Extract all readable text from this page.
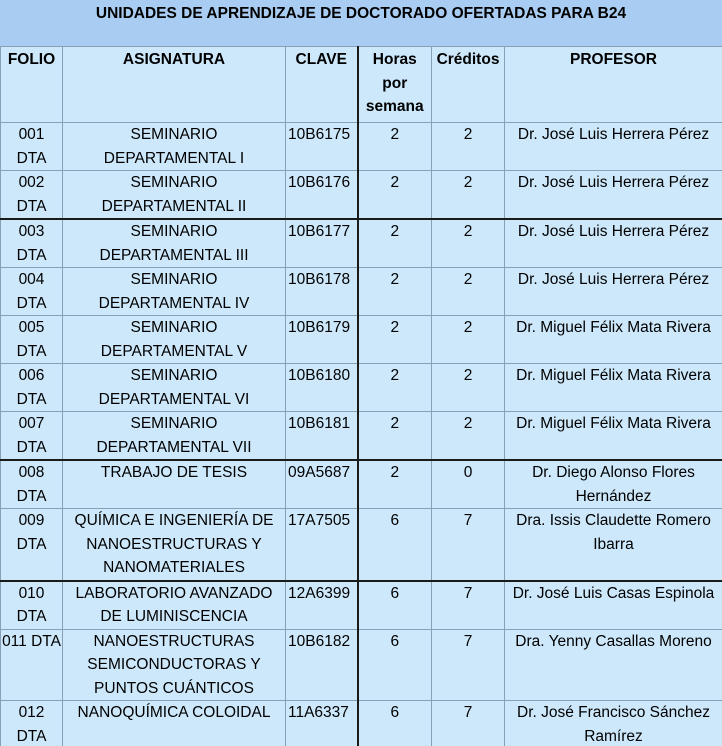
UNIDADES DE APRENDIZAJE DE DOCTORADO OFERTADAS PARA B24
FOLIO	ASIGNATURA	CLAVE	Horas por semana	Créditos	PROFESOR
001 DTA	SEMINARIO DEPARTAMENTAL I	10B6175	2	2	Dr. José Luis Herrera Pérez
002 DTA	SEMINARIO DEPARTAMENTAL II	10B6176	2	2	Dr. José Luis Herrera Pérez
003 DTA	SEMINARIO DEPARTAMENTAL III	10B6177	2	2	Dr. José Luis Herrera Pérez
004 DTA	SEMINARIO DEPARTAMENTAL IV	10B6178	2	2	Dr. José Luis Herrera Pérez
005 DTA	SEMINARIO DEPARTAMENTAL V	10B6179	2	2	Dr. Miguel Félix Mata Rivera
006 DTA	SEMINARIO DEPARTAMENTAL VI	10B6180	2	2	Dr. Miguel Félix Mata Rivera
007 DTA	SEMINARIO DEPARTAMENTAL VII	10B6181	2	2	Dr. Miguel Félix Mata Rivera
008 DTA	TRABAJO DE TESIS	09A5687	2	0	Dr. Diego Alonso Flores Hernández
009 DTA	QUÍMICA E INGENIERÍA DE NANOESTRUCTURAS Y NANOMATERIALES	17A7505	6	7	Dra. Issis Claudette Romero Ibarra
010 DTA	LABORATORIO AVANZADO DE LUMINISCENCIA	12A6399	6	7	Dr. José Luis Casas Espinola
011 DTA	NANOESTRUCTURAS SEMICONDUCTORAS Y PUNTOS CUÁNTICOS	10B6182	6	7	Dra. Yenny Casallas Moreno
012 DTA	NANOQUÍMICA COLOIDAL	11A6337	6	7	Dr. José Francisco Sánchez Ramírez
